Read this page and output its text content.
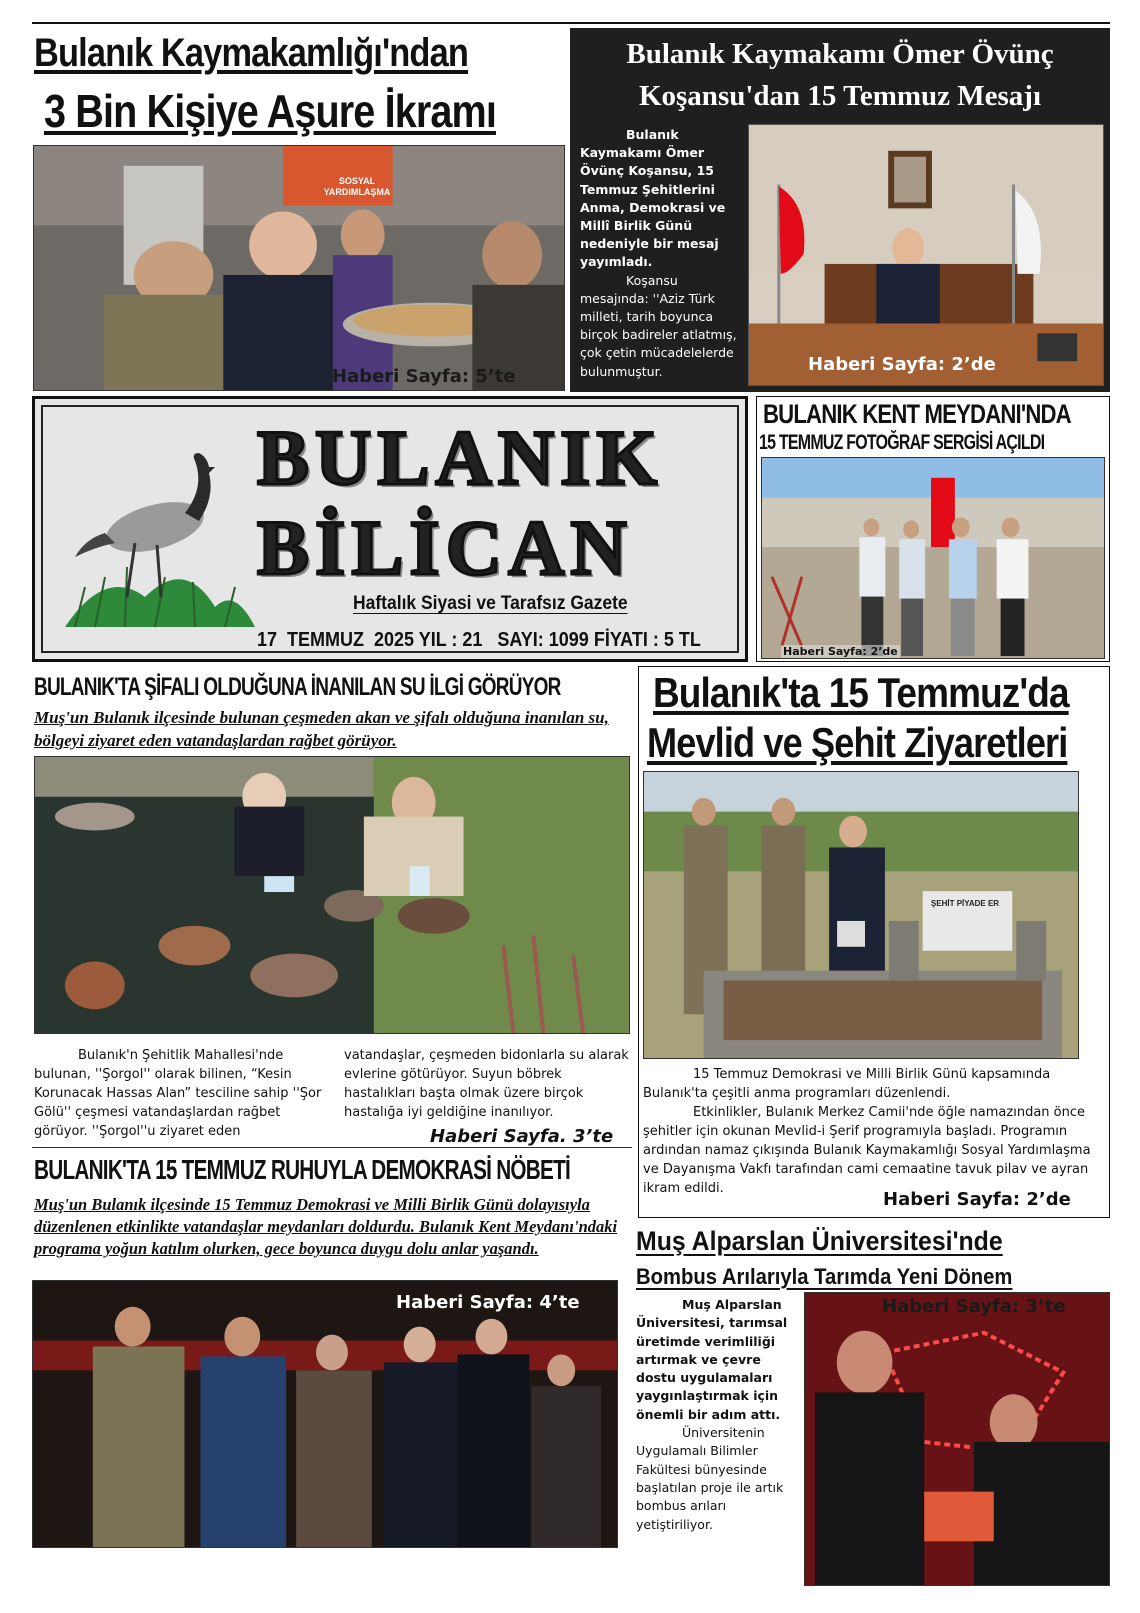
Bulanık Kaymakamlığı'ndan
3 Bin Kişiye Aşure İkramı
SOSYAL YARDIMLAŞMA
Haberi Sayfa: 5’te
Bulanık Kaymakamı Ömer Övünç
Koşansu'dan 15 Temmuz Mesajı
Bulanık Kaymakamı Ömer Övünç Koşansu, 15 Temmuz Şehitlerini Anma, Demokrasi ve Millî Birlik Günü nedeniyle bir mesaj yayımladı.
Koşansu mesajında: ''Aziz Türk milleti, tarih boyunca birçok badireler atlatmış, çok çetin mücadelelerde bulunmuştur.	Haberi Sayfa: 2’de
BULANIK
BİLİCAN
Haftalık Siyasi ve Tarafsız Gazete
17  TEMMUZ  2025 YIL : 21   SAYI: 1099 FİYATI : 5 TL
BULANIK KENT MEYDANI'NDA
15 TEMMUZ FOTOĞRAF SERGİSİ AÇILDI
Haberi Sayfa: 2’de
BULANIK'TA ŞİFALI OLDUĞUNA İNANILAN SU İLGİ GÖRÜYOR
Muş'un Bulanık ilçesinde bulunan çeşmeden akan ve şifalı olduğuna inanılan su, bölgeyi ziyaret eden vatandaşlardan rağbet görüyor.
Bulanık'n Şehitlik Mahallesi'nde bulunan, ''Şorgol'' olarak bilinen, “Kesin Korunacak Hassas Alan” tesciline sahip ''Şor Gölü'' çeşmesi vatandaşlardan rağbet görüyor. ''Şorgol''u ziyaret eden
vatandaşlar, çeşmeden bidonlarla su alarak evlerine götürüyor. Suyun böbrek hastalıkları başta olmak üzere birçok hastalığa iyi geldiğine inanılıyor.
Haberi Sayfa. 3’te
Bulanık'ta 15 Temmuz'da
Mevlid ve Şehit Ziyaretleri
ŞEHİT PİYADE ER
15 Temmuz Demokrasi ve Milli Birlik Günü kapsamında Bulanık'ta çeşitli anma programları düzenlendi.
Etkinlikler, Bulanık Merkez Camii'nde öğle namazından önce şehitler için okunan Mevlid-i Şerif programıyla başladı. Programın ardından namaz çıkışında Bulanık Kaymakamlığı Sosyal Yardımlaşma ve Dayanışma Vakfı tarafından cami cemaatine tavuk pilav ve ayran ikram edildi.
Haberi Sayfa: 2’de
BULANIK'TA 15 TEMMUZ RUHUYLA DEMOKRASİ NÖBETİ
Muş'un Bulanık ilçesinde 15 Temmuz Demokrasi ve Milli Birlik Günü dolayısıyla düzenlenen etkinlikte vatandaşlar meydanları doldurdu. Bulanık Kent Meydanı'ndaki programa yoğun katılım olurken, gece boyunca duygu dolu anlar yaşandı.
Haberi Sayfa: 4’te
Muş Alparslan Üniversitesi'nde
Bombus Arılarıyla Tarımda Yeni Dönem
Muş Alparslan Üniversitesi, tarımsal üretimde verimliliği artırmak ve çevre dostu uygulamaları yaygınlaştırmak için önemli bir adım attı.
Üniversitenin Uygulamalı Bilimler Fakültesi bünyesinde başlatılan proje ile artık bombus arıları yetiştiriliyor.
Haberi Sayfa: 3’te
